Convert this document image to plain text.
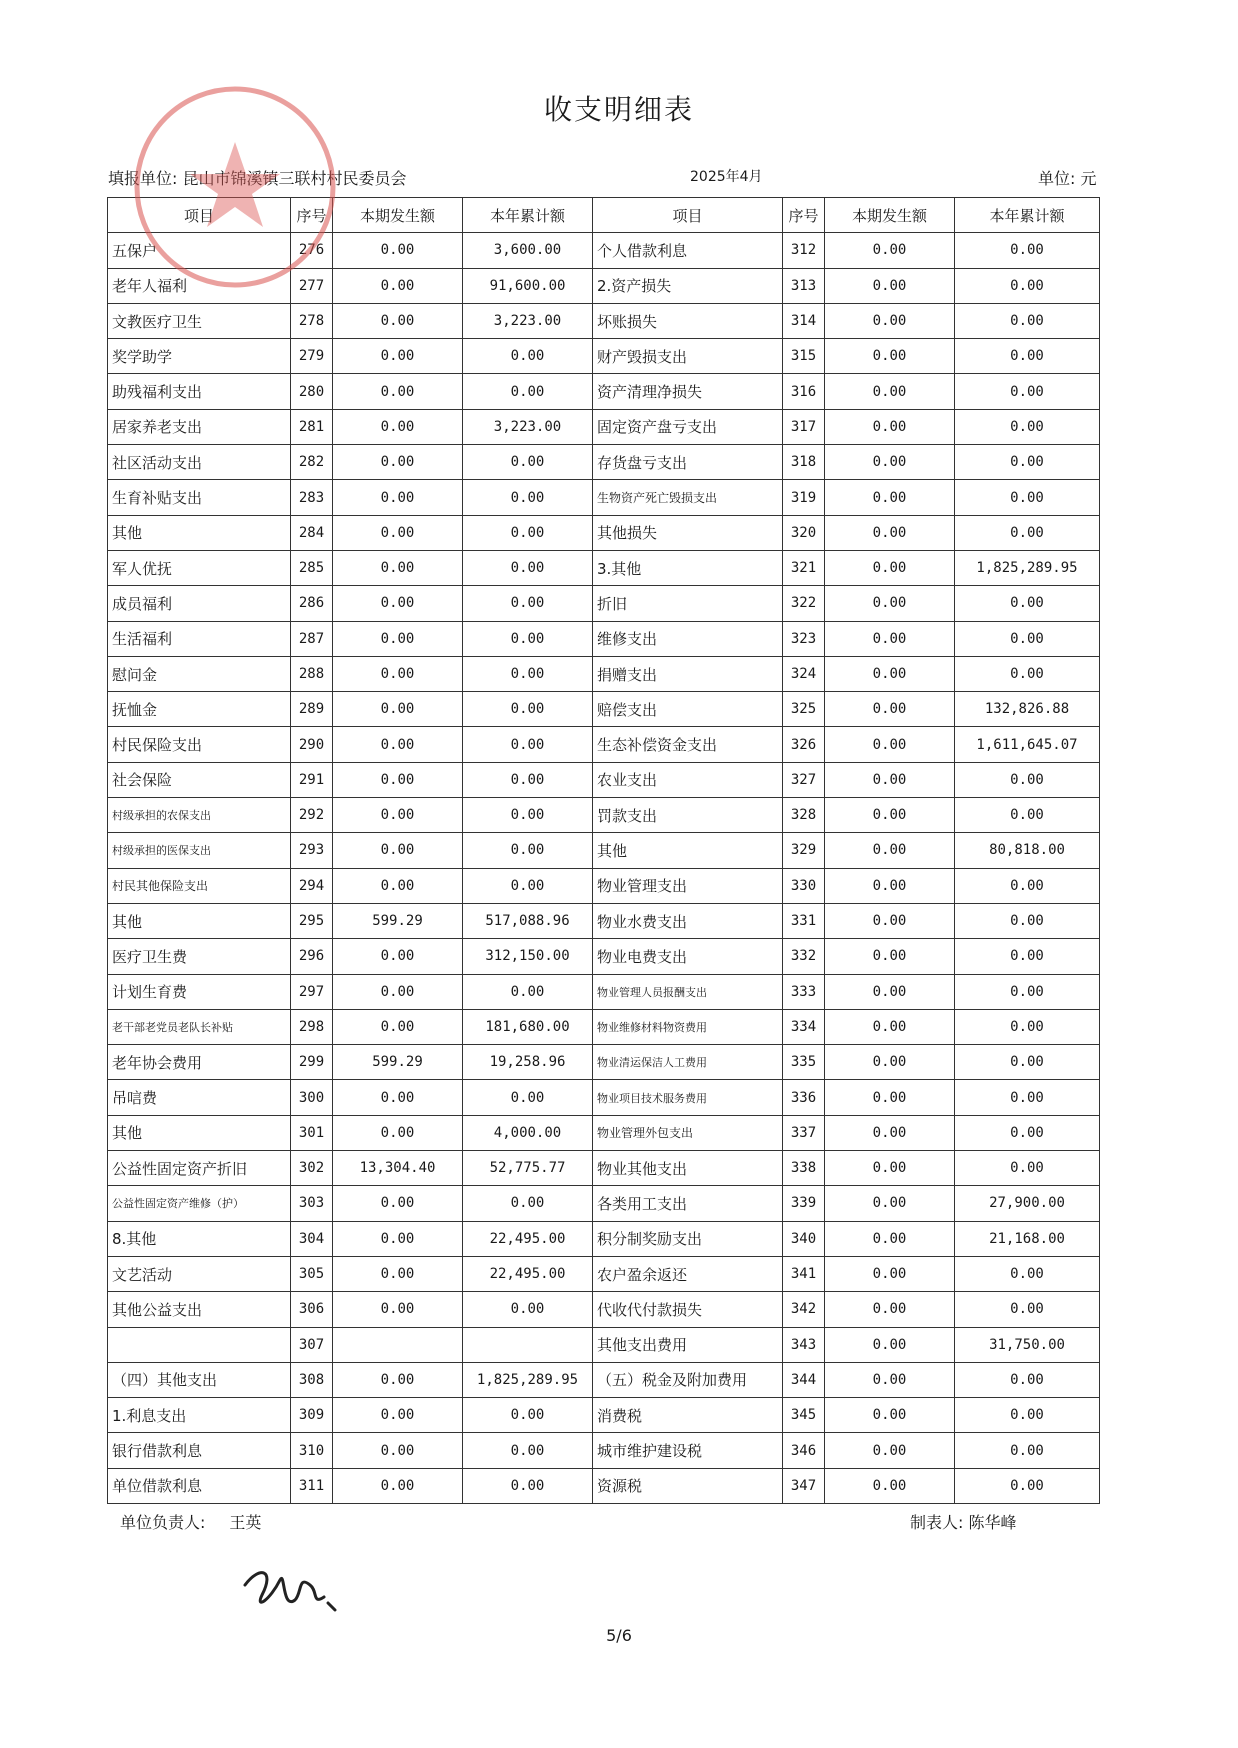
收支明细表
填报单位: 昆山市锦溪镇三联村村民委员会	2025年4月	单位: 元
项目	序号	本期发生额	本年累计额	项目	序号	本期发生额	本年累计额
五保户	276	0.00	3,600.00	个人借款利息	312	0.00	0.00
老年人福利	277	0.00	91,600.00	2.资产损失	313	0.00	0.00
文教医疗卫生	278	0.00	3,223.00	坏账损失	314	0.00	0.00
奖学助学	279	0.00	0.00	财产毁损支出	315	0.00	0.00
助残福利支出	280	0.00	0.00	资产清理净损失	316	0.00	0.00
居家养老支出	281	0.00	3,223.00	固定资产盘亏支出	317	0.00	0.00
社区活动支出	282	0.00	0.00	存货盘亏支出	318	0.00	0.00
生育补贴支出	283	0.00	0.00	生物资产死亡毁损支出	319	0.00	0.00
其他	284	0.00	0.00	其他损失	320	0.00	0.00
军人优抚	285	0.00	0.00	3.其他	321	0.00	1,825,289.95
成员福利	286	0.00	0.00	折旧	322	0.00	0.00
生活福利	287	0.00	0.00	维修支出	323	0.00	0.00
慰问金	288	0.00	0.00	捐赠支出	324	0.00	0.00
抚恤金	289	0.00	0.00	赔偿支出	325	0.00	132,826.88
村民保险支出	290	0.00	0.00	生态补偿资金支出	326	0.00	1,611,645.07
社会保险	291	0.00	0.00	农业支出	327	0.00	0.00
村级承担的农保支出	292	0.00	0.00	罚款支出	328	0.00	0.00
村级承担的医保支出	293	0.00	0.00	其他	329	0.00	80,818.00
村民其他保险支出	294	0.00	0.00	物业管理支出	330	0.00	0.00
其他	295	599.29	517,088.96	物业水费支出	331	0.00	0.00
医疗卫生费	296	0.00	312,150.00	物业电费支出	332	0.00	0.00
计划生育费	297	0.00	0.00	物业管理人员报酬支出	333	0.00	0.00
老干部老党员老队长补贴	298	0.00	181,680.00	物业维修材料物资费用	334	0.00	0.00
老年协会费用	299	599.29	19,258.96	物业清运保洁人工费用	335	0.00	0.00
吊唁费	300	0.00	0.00	物业项目技术服务费用	336	0.00	0.00
其他	301	0.00	4,000.00	物业管理外包支出	337	0.00	0.00
公益性固定资产折旧	302	13,304.40	52,775.77	物业其他支出	338	0.00	0.00
公益性固定资产维修（护）	303	0.00	0.00	各类用工支出	339	0.00	27,900.00
8.其他	304	0.00	22,495.00	积分制奖励支出	340	0.00	21,168.00
文艺活动	305	0.00	22,495.00	农户盈余返还	341	0.00	0.00
其他公益支出	306	0.00	0.00	代收代付款损失	342	0.00	0.00
	307			其他支出费用	343	0.00	31,750.00
（四）其他支出	308	0.00	1,825,289.95	（五）税金及附加费用	344	0.00	0.00
1.利息支出	309	0.00	0.00	消费税	345	0.00	0.00
银行借款利息	310	0.00	0.00	城市维护建设税	346	0.00	0.00
单位借款利息	311	0.00	0.00	资源税	347	0.00	0.00
单位负责人: 王英	制表人: 陈华峰
5/6
